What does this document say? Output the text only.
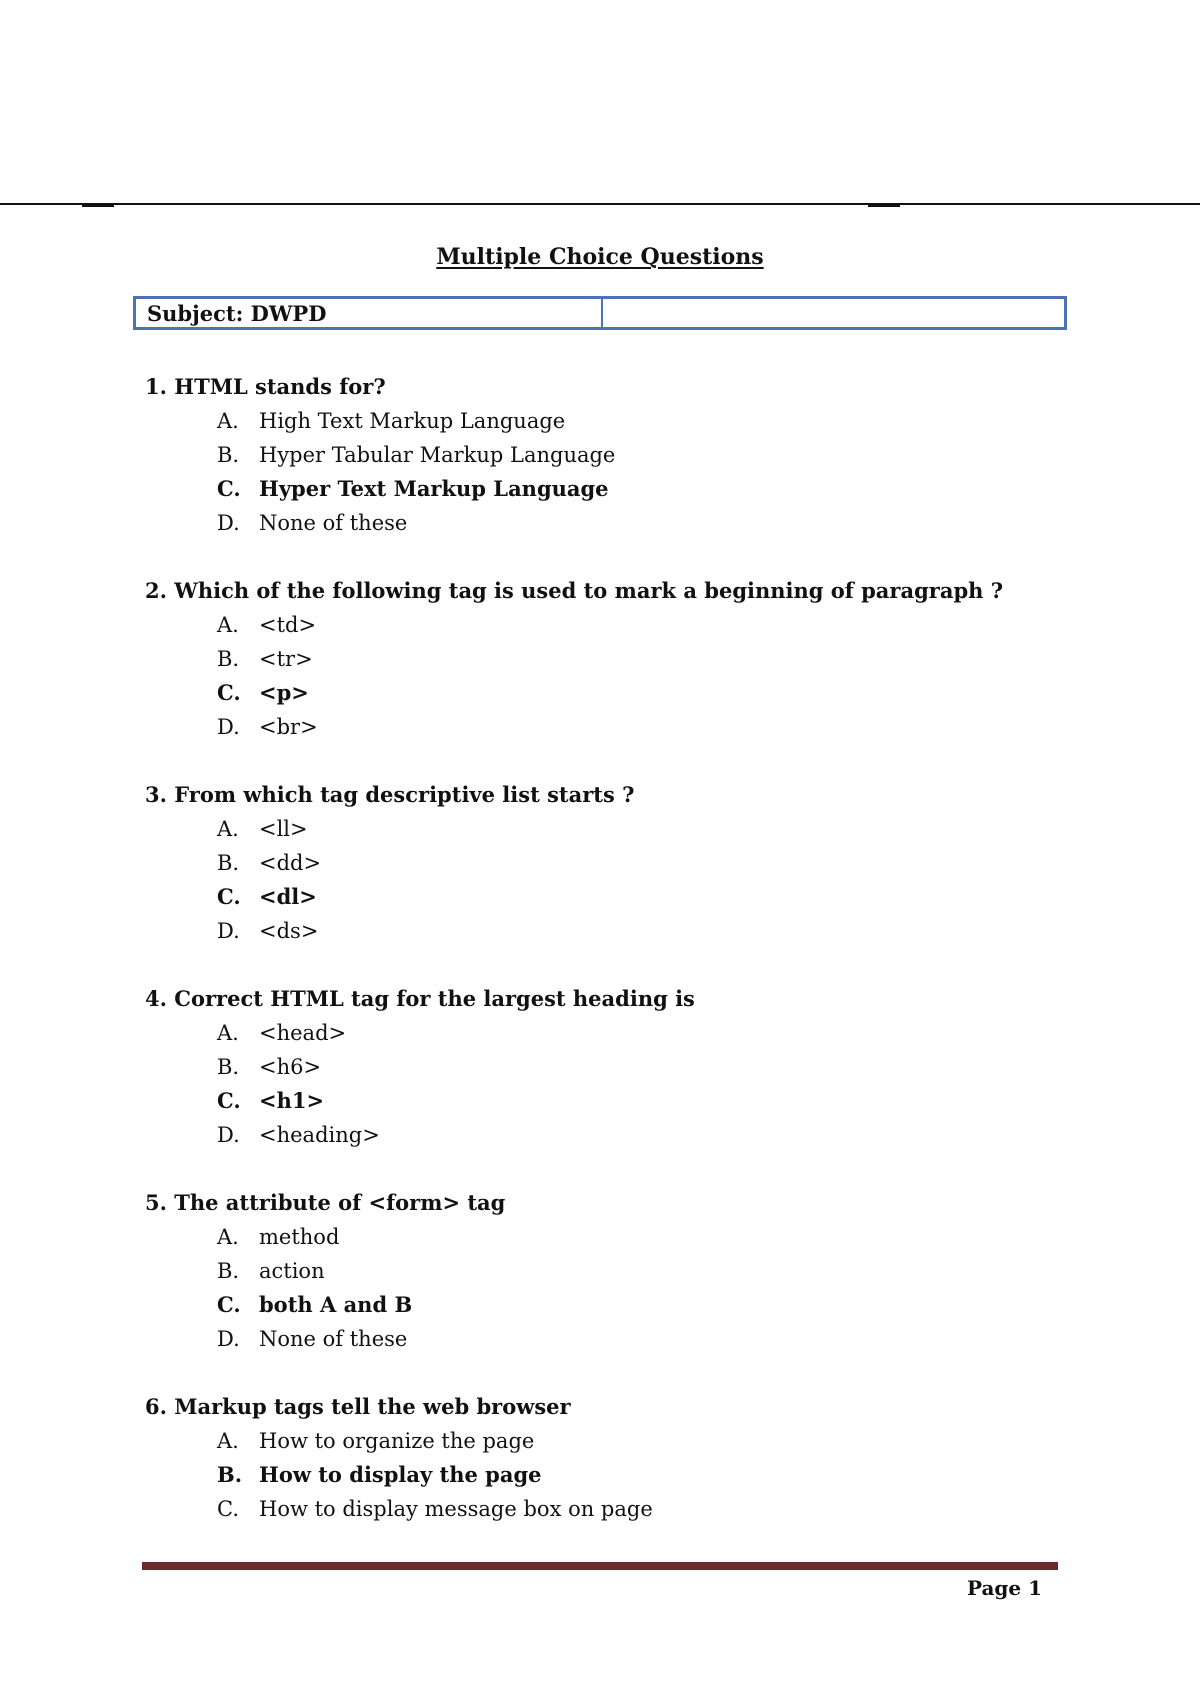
Multiple Choice Questions
Subject: DWPD
1. HTML stands for?
A. High Text Markup Language
B. Hyper Tabular Markup Language
C. Hyper Text Markup Language
D. None of these
2. Which of the following tag is used to mark a beginning of paragraph ?
A. <td>
B. <tr>
C. <p>
D. <br>
3. From which tag descriptive list starts ?
A. <ll>
B. <dd>
C. <dl>
D. <ds>
4. Correct HTML tag for the largest heading is
A. <head>
B. <h6>
C. <h1>
D. <heading>
5. The attribute of <form> tag
A. method
B. action
C. both A and B
D. None of these
6. Markup tags tell the web browser
A. How to organize the page
B. How to display the page
C. How to display message box on page
Page 1
